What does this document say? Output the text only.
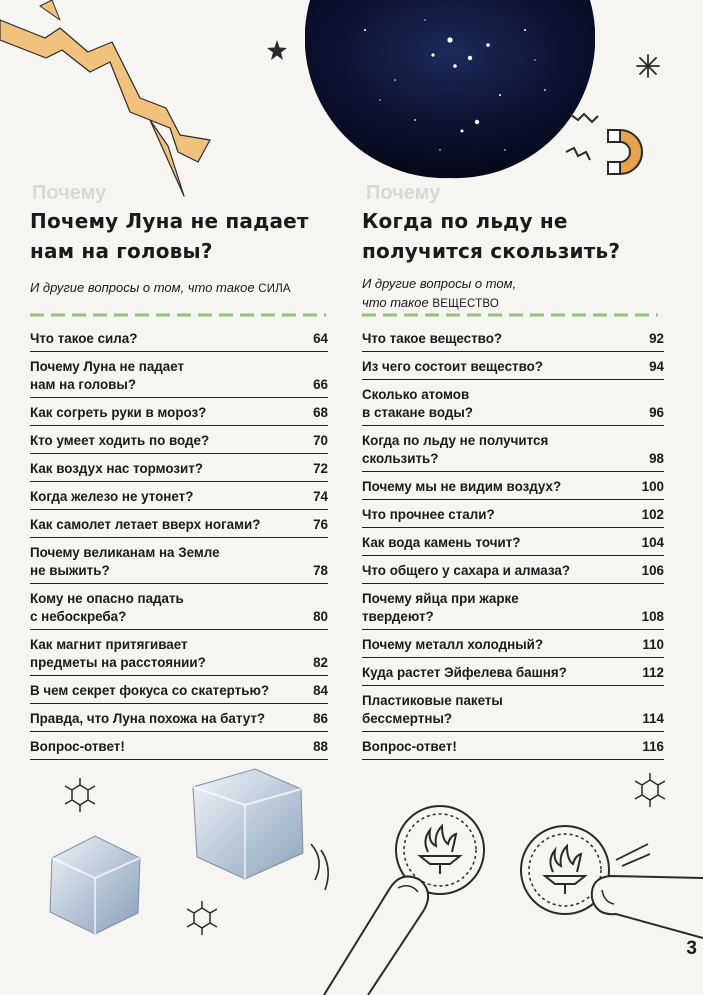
Почему	Почему
Почему Луна не падает
нам на головы?

И другие вопросы о том, что такое СИЛА

Когда по льду не
получится скользить?

И другие вопросы о том,
что такое ВЕЩЕСТВО

Что такое сила?	64
Почему Луна не падает
нам на головы?	66
Как согреть руки в мороз?	68
Кто умеет ходить по воде?	70
Как воздух нас тормозит?	72
Когда железо не утонет?	74
Как самолет летает вверх ногами?	76
Почему великанам на Земле
не выжить?	78
Кому не опасно падать
с небоскреба?	80
Как магнит притягивает
предметы на расстоянии?	82
В чем секрет фокуса со скатертью?	84
Правда, что Луна похожа на батут?	86
Вопрос-ответ!	88
Что такое вещество?	92
Из чего состоит вещество?	94
Сколько атомов
в стакане воды?	96
Когда по льду не получится
скользить?	98
Почему мы не видим воздух?	100
Что прочнее стали?	102
Как вода камень точит?	104
Что общего у сахара и алмаза?	106
Почему яйца при жарке
твердеют?	108
Почему металл холодный?	110
Куда растет Эйфелева башня?	112
Пластиковые пакеты
бессмертны?	114
Вопрос-ответ!	116
3
